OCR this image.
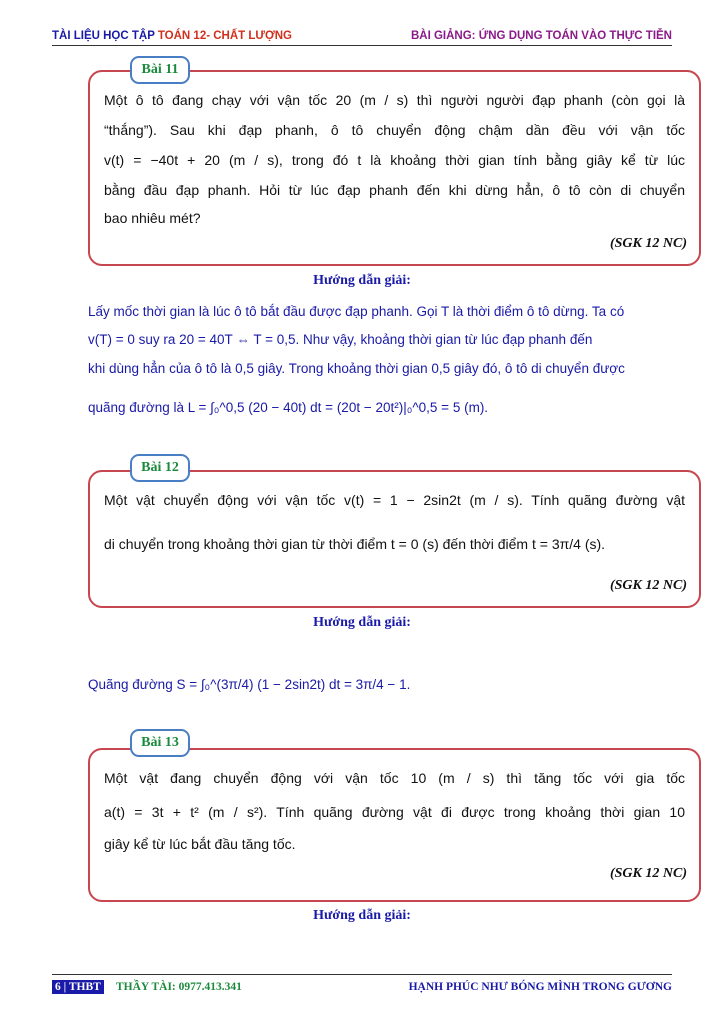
TÀI LIỆU HỌC TẬP TOÁN 12- CHẤT LƯỢNG	BÀI GIẢNG: ỨNG DỤNG TOÁN VÀO THỰC TIỄN
Một ô tô đang chạy với vận tốc 20 (m / s) thì người người đạp phanh (còn gọi là
“thắng”). Sau khi đạp phanh, ô tô chuyển động chậm dần đều với vận tốc
v(t) = −40t + 20 (m / s), trong đó t là khoảng thời gian tính bằng giây kể từ lúc
bằng đầu đạp phanh. Hỏi từ lúc đạp phanh đến khi dừng hẳn, ô tô còn di chuyển
bao nhiêu mét?
(SGK 12 NC)
Bài 11
Hướng dẫn giải:
Lấy mốc thời gian là lúc ô tô bắt đầu được đạp phanh. Gọi T là thời điểm ô tô dừng. Ta có
v(T) = 0 suy ra 20 = 40T ⇔ T = 0,5. Như vậy, khoảng thời gian từ lúc đạp phanh đến
khi dùng hẳn của ô tô là 0,5 giây. Trong khoảng thời gian 0,5 giây đó, ô tô di chuyển được
quãng đường là L = ∫₀^0,5 (20 − 40t) dt = (20t − 20t²)|₀^0,5 = 5 (m).
Một vật chuyển động với vận tốc v(t) = 1 − 2sin2t (m / s). Tính quãng đường vật
di chuyển trong khoảng thời gian từ thời điểm t = 0 (s) đến thời điểm t = 3π/4 (s).
(SGK 12 NC)
Bài 12
Hướng dẫn giải:
Quãng đường S = ∫₀^(3π/4) (1 − 2sin2t) dt = 3π/4 − 1.
Một vật đang chuyển động với vận tốc 10 (m / s) thì tăng tốc với gia tốc
a(t) = 3t + t² (m / s²). Tính quãng đường vật đi được trong khoảng thời gian 10
giây kể từ lúc bắt đầu tăng tốc.
(SGK 12 NC)
Bài 13
Hướng dẫn giải:
6 | THBT THẦY TÀI: 0977.413.341	HẠNH PHÚC NHƯ BÓNG MÌNH TRONG GƯƠNG
